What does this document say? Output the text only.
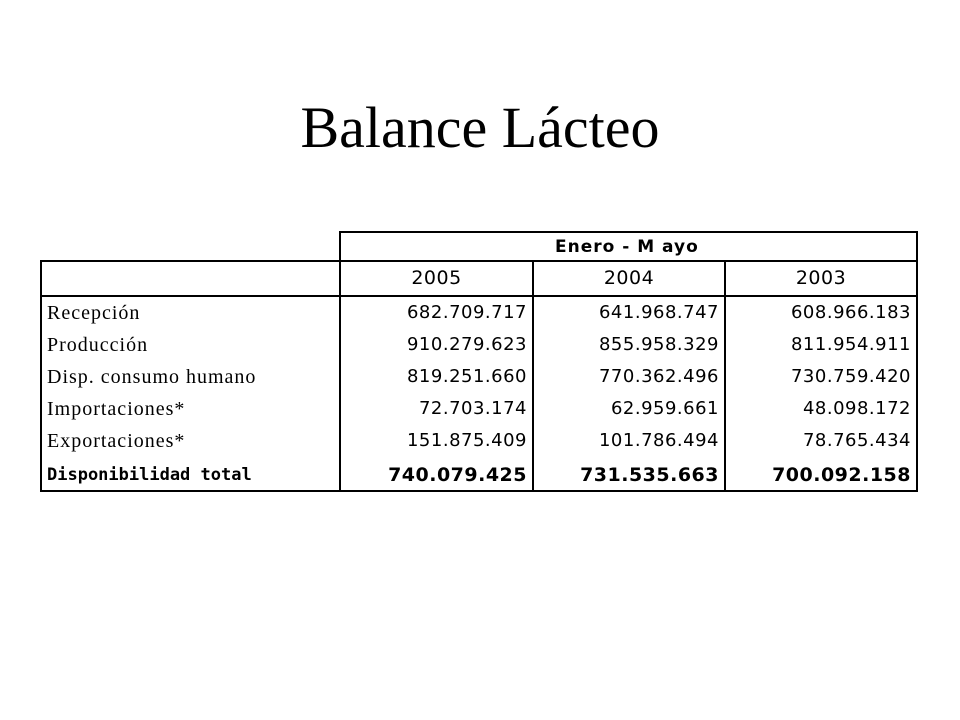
Balance Lácteo
Enero - M ayo
2005	2004	2003
Recepción
Producción
Disp. consumo humano
Importaciones*
Exportaciones*
Disponibilidad total
682.709.717
910.279.623
819.251.660
72.703.174
151.875.409
740.079.425
641.968.747
855.958.329
770.362.496
62.959.661
101.786.494
731.535.663
608.966.183
811.954.911
730.759.420
48.098.172
78.765.434
700.092.158
